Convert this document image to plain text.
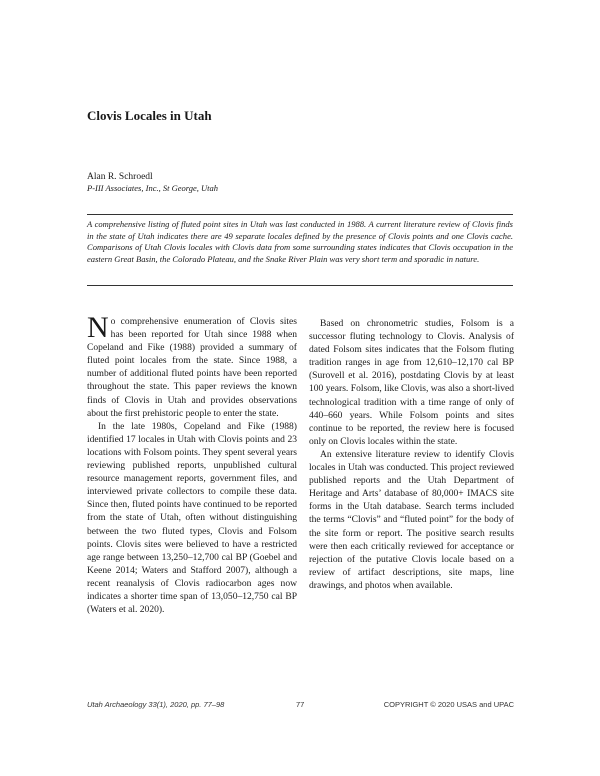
Clovis Locales in Utah
Alan R. Schroedl
P-III Associates, Inc., St George, Utah

A comprehensive listing of fluted point sites in Utah was last conducted in 1988. A current literature review of Clovis finds in the state of Utah indicates there are 49 separate locales defined by the presence of Clovis points and one Clovis cache. Comparisons of Utah Clovis locales with Clovis data from some surrounding states indicates that Clovis occupation in the eastern Great Basin, the Colorado Plateau, and the Snake River Plain was very short term and sporadic in nature.

No comprehensive enumeration of Clovis sites has been reported for Utah since 1988 when Copeland and Fike (1988) provided a summary of fluted point locales from the state. Since 1988, a number of additional fluted points have been reported throughout the state. This paper reviews the known finds of Clovis in Utah and provides observations about the first prehistoric people to enter the state.

In the late 1980s, Copeland and Fike (1988) identified 17 locales in Utah with Clovis points and 23 locations with Folsom points. They spent several years reviewing published reports, unpublished cultural resource management reports, government files, and interviewed private collectors to compile these data. Since then, fluted points have continued to be reported from the state of Utah, often without distinguishing between the two fluted types, Clovis and Folsom points. Clovis sites were believed to have a restricted age range between 13,250–12,700 cal BP (Goebel and Keene 2014; Waters and Stafford 2007), although a recent reanalysis of Clovis radiocarbon ages now indicates a shorter time span of 13,050–12,750 cal BP (Waters et al. 2020).

Based on chronometric studies, Folsom is a successor fluting technology to Clovis. Analysis of dated Folsom sites indicates that the Folsom fluting tradition ranges in age from 12,610–12,170 cal BP (Surovell et al. 2016), postdating Clovis by at least 100 years. Folsom, like Clovis, was also a short-lived technological tradition with a time range of only of 440–660 years. While Folsom points and sites continue to be reported, the review here is focused only on Clovis locales within the state.

An extensive literature review to identify Clovis locales in Utah was conducted. This project reviewed published reports and the Utah Department of Heritage and Arts’ database of 80,000+ IMACS site forms in the Utah database. Search terms included the terms “Clovis” and “fluted point” for the body of the site form or report. The positive search results were then each critically reviewed for acceptance or rejection of the putative Clovis locale based on a review of artifact descriptions, site maps, line drawings, and photos when available.

Utah Archaeology 33(1), 2020, pp. 77–98	77	COPYRIGHT © 2020 USAS and UPAC
